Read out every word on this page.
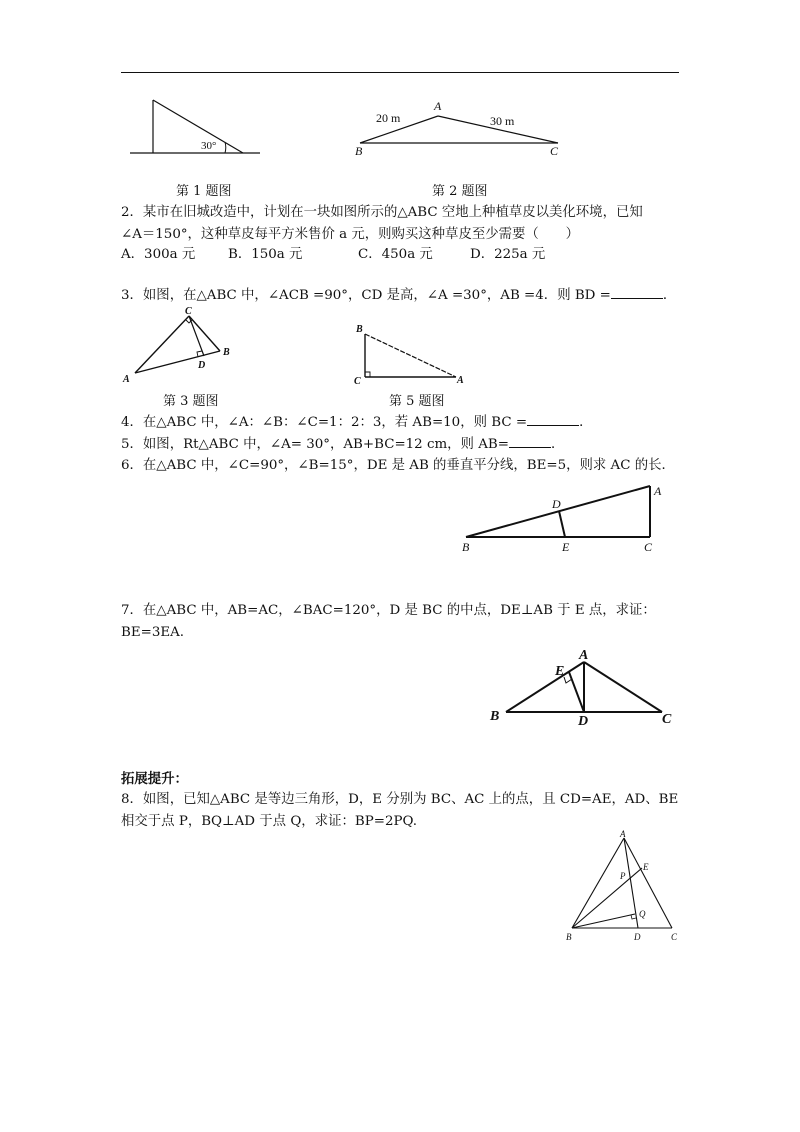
30°
第 1 题图
A
B	C
20 m	30 m
第 2 题图
2．某市在旧城改造中，计划在一块如图所示的△ABC 空地上种植草皮以美化环境，已知
∠A＝150°，这种草皮每平方米售价 a 元，则购买这种草皮至少需要（　　）
A．300a 元 B．150a 元	C．450a 元	D．225a 元
3．如图，在△ABC 中，∠ACB =90°，CD 是高，∠A =30°，AB =4．则 BD =	．
C
B
D
A
第 3 题图
B
C	A
第 5 题图
4．在△ABC 中，∠A：∠B：∠C=1：2：3，若 AB=10，则 BC =	．
5．如图，Rt△ABC 中，∠A= 30°，AB+BC=12 cm，则 AB=	．
6．在△ABC 中，∠C=90°，∠B=15°，DE 是 AB 的垂直平分线，BE=5，则求 AC 的长．
A
D
B	E	C
7．在△ABC 中，AB=AC，∠BAC=120°，D 是 BC 的中点，DE⊥AB 于 E 点，求证：
BE=3EA.
E
A
B	D	C
拓展提升：
8．如图，已知△ABC 是等边三角形，D，E 分别为 BC、AC 上的点，且 CD=AE，AD、BE
相交于点 P，BQ⊥AD 于点 Q，求证：BP=2PQ.
A
E
P
Q
B	D	C
